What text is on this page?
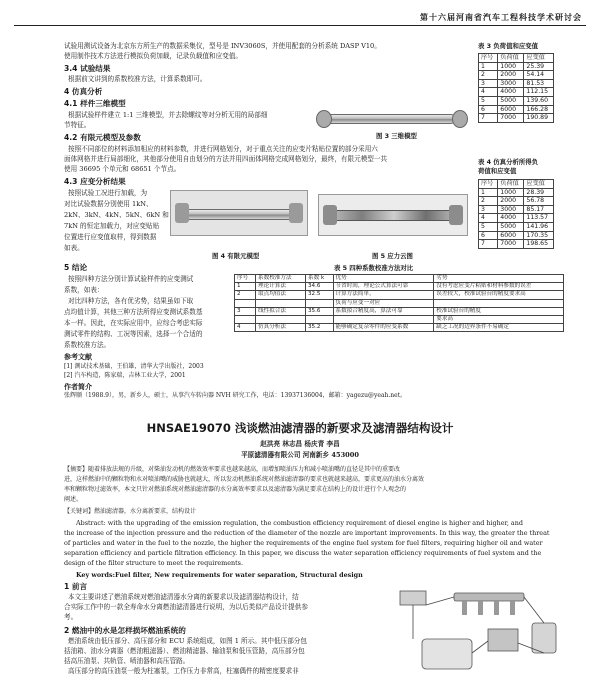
第十六届河南省汽车工程科技学术研讨会
试验用测试设备为北京东方所生产的数据采集仪，型号是 INV3060S，并使用配套的分析系统 DASP V10。
使用制作技术方法进行模拟负荷加载，记录负载值和应变值。
3.4 试验结果
根据前文讲到的系数校准方法，计算系数即可。
4 仿真分析
4.1 样件三维模型
根据试验样件建立 1:1 三维模型，并去除螺纹等对分析无用的局部细
节特征。
4.2 有限元模型及参数
按照不同部位的材料添加相应的材料参数，并进行网格划分，对于重点关注的应变片粘贴位置的部分采用六
面体网格并进行局部细化，其他部分使用自由划分的方法并用四面体网格完成网格划分，最终，有限元模型一共
使用 36695 个单元和 68651 个节点。
4.3 应变分析结果
图 3 三维模型
按照试验工况进行加载，为
对比试验数据分别使用 1kN、
2kN、3kN、4kN、5kN、6kN 和
7kN 的恒定加载力，对应变贴贴
位置进行应变值取样，得到数据
如表。
图 4 有限元模型	图 5 应力云图
5 结论
按照四种方法分别计算试验样件的应变测试
系数，如表：
对比四种方法，各有优劣势，结果虽如下取
点均值计算，其他三种方法所得应变测试系数基
本一样。因此，在实际应用中，应综合考虑实际
测试零件的结构、工况等因素，选择一个合适的
系数校准方法。
参考文献
[1] 测试技术基础，王伯雄，清华大学出版社，2003
[2] 汽车构造，陈家瑞，吉林工业大学，2001
作者简介
张辉顺（1988.9），男，新乡人，硕士，从事汽车转向器 NVH 研究工作，电话：13937136004，邮箱：yagezu@yeah.net。
表 3 负荷值和应变值
序号	负荷值	应变值
1	1000	25.39
2	2000	54.14
3	3000	81.53
4	4000	112.15
5	5000	139.60
6	6000	166.28
7	7000	190.89
表 4 仿真分析所得负
荷值和应变值
序号	负荷值	应变值
1	1000	28.39
2	2000	56.78
3	3000	85.17
4	4000	113.57
5	5000	141.96
6	6000	170.35
7	7000	198.65
表 5 四种系数校准方法对比
序号	系数校准方法	系数 k	优势	劣势
1	理论计算法	34.6	节省时间，理论公式算法可靠	没有考虑应变片粘贴和材料参数的误差
2	取点均值法	32.5	计算方法简单，	误差较大，校准试验台的精度要求高
			负荷与应变一对应	
3	线性拟合法	35.6	系数拟合精度高，算法可靠	校准试验台的精度
				要求高
4	仿真分析法	35.2	能够确定复杂零件的应变系数	缺乏工况的边界条件不易确定
HNSAE19070 浅谈燃油滤清器的新要求及滤清器结构设计
赵洪亮 林志昌 杨庆青 李昌
平原滤清器有限公司 河南新乡 453000
【摘要】随着排放法规的升级，对柴油发动机的燃效效率要求也越来越高，而增加喷油压力和减小喷油嘴的直径是其中的重要改
进，这样燃油中的颗粒物和水对喷油嘴的威胁也就越大，所以发动机燃油系统对燃油滤清器的要求也就越来越高，要求更高的油水分离效
率和颗粒物过滤效率，本文只针对燃油系统对燃油滤清器的水分离效率要求以及滤清器为满足要求在结构上的设计进行个人观念的
阐述。
【关键词】燃油滤清器，水分离新要求，结构设计
Abstract: with the upgrading of the emission regulation, the combustion efficiency requirement of diesel engine is higher and higher, and
the increase of the injection pressure and the reduction of the diameter of the nozzle are important improvements. In this way, the greater the threat
of particles and water in the fuel to the nozzle, the higher the requirements of the engine fuel system for fuel filters, requiring higher oil and water
separation efficiency and particle filtration efficiency. In this paper, we discuss the water separation efficiency requirements of fuel system and the
design of the filter structure to meet the requirements.
Key words:Fuel filter, New requirements for water separation, Structural design
1 前言
本文主要讲述了燃油系统对燃油滤清器水分离的新要求以及滤清器结构设计，结
合实际工作中的一款全寿命水分离燃油滤清器进行说明，为以后类似产品设计提供参
考。
2 燃油中的水是怎样损坏燃油系统的
燃油系统由低压部分、高压部分和 ECU 系统组成，如图 1 所示。其中低压部分包
括油箱、油水分离器（燃油粗滤器）、燃油精滤器、输油泵和低压管路，高压部分包
括高压油泵、共轨管、喷油器和高压管路。
高压部分的高压油泵一般为柱塞泵，工作压力非常高，柱塞偶件的精密度要求非
